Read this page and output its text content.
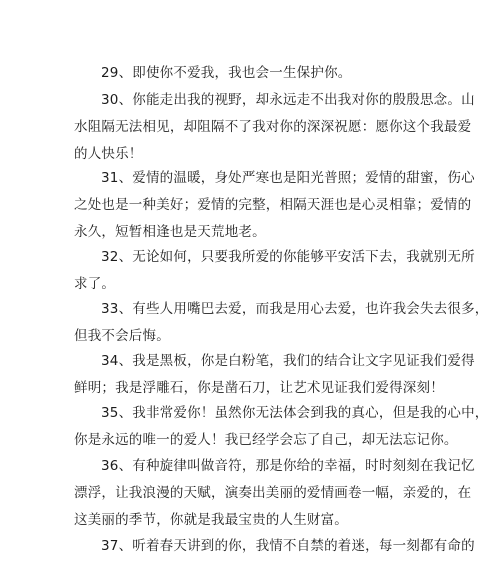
29、即使你不爱我，我也会一生保护你。

30、你能走出我的视野，却永远走不出我对你的殷殷思念。山
水阻隔无法相见，却阻隔不了我对你的深深祝愿：愿你这个我最爱
的人快乐！

31、爱情的温暖，身处严寒也是阳光普照；爱情的甜蜜，伤心
之处也是一种美好；爱情的完整，相隔天涯也是心灵相靠；爱情的
永久，短暂相逢也是天荒地老。

32、无论如何，只要我所爱的你能够平安活下去，我就别无所
求了。

33、有些人用嘴巴去爱，而我是用心去爱，也许我会失去很多，
但我不会后悔。

34、我是黑板，你是白粉笔，我们的结合让文字见证我们爱得
鲜明；我是浮雕石，你是凿石刀，让艺术见证我们爱得深刻！

35、我非常爱你！虽然你无法体会到我的真心，但是我的心中，
你是永远的唯一的爱人！我已经学会忘了自己，却无法忘记你。

36、有种旋律叫做音符，那是你给的幸福，时时刻刻在我记忆
漂浮，让我浪漫的天赋，演奏出美丽的爱情画卷一幅，亲爱的，在
这美丽的季节，你就是我最宝贵的人生财富。

37、听着春天讲到的你，我情不自禁的着迷，每一刻都有命的
